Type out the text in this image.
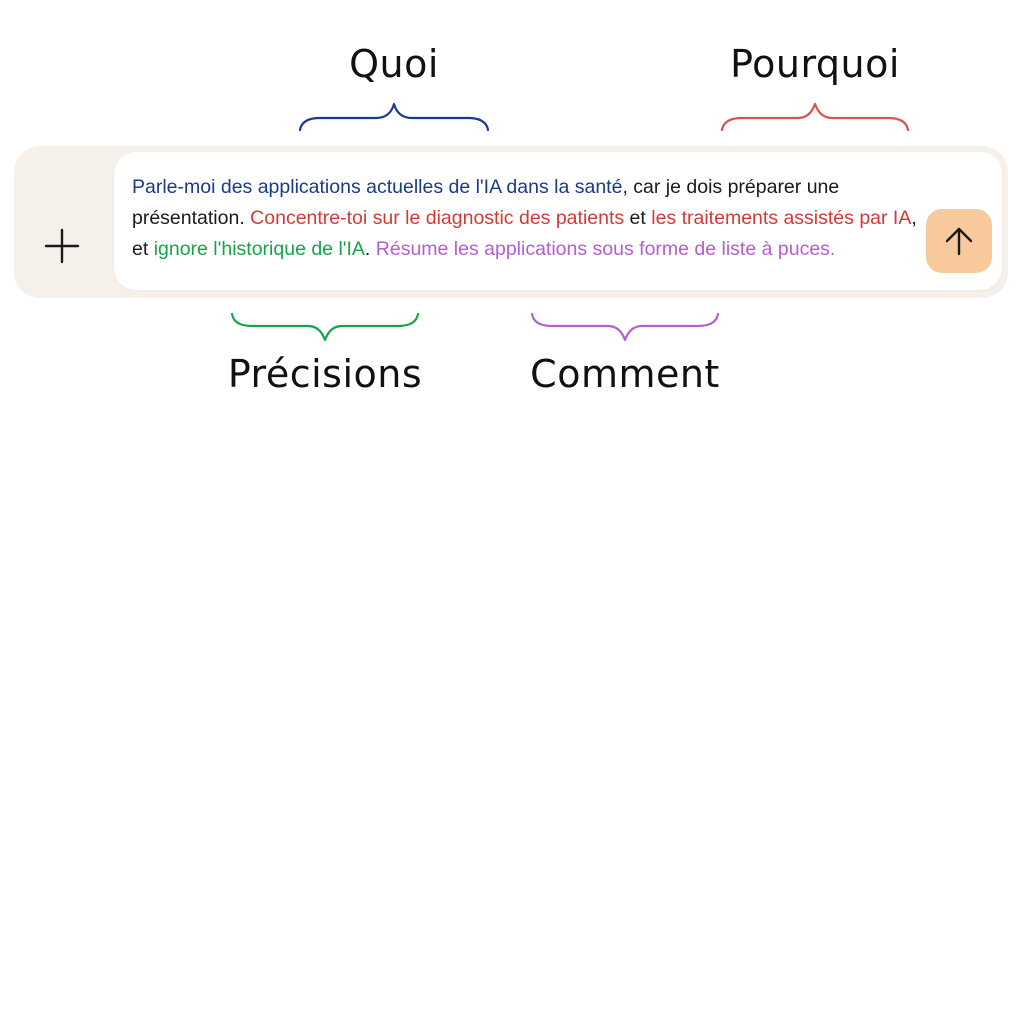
Quoi	Pourquoi

Parle-moi des applications actuelles de l'IA dans la santé, car je dois préparer une présentation. Concentre-toi sur le diagnostic des patients et les traitements assistés par IA, et ignore l'historique de l'IA. Résume les applications sous forme de liste à puces.

Précisions	Comment
